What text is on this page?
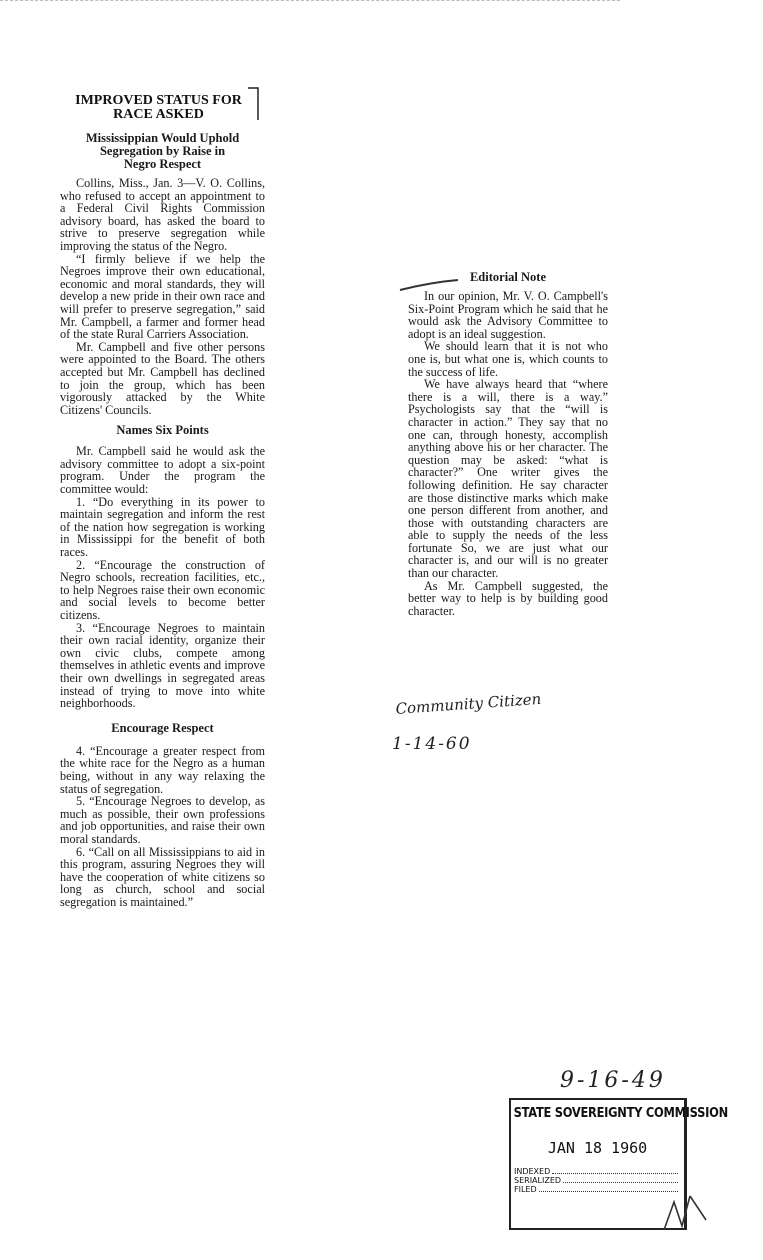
IMPROVED STATUS FOR
RACE ASKED
Mississippian Would Uphold
Segregation by Raise in
Negro Respect

Collins, Miss., Jan. 3—V. O. Collins, who refused to accept an appointment to a Federal Civil Rights Commission advisory board, has asked the board to strive to preserve segregation while improving the status of the Negro.

“I firmly believe if we help the Negroes improve their own educational, economic and moral standards, they will develop a new pride in their own race and will prefer to preserve segregation,” said Mr. Campbell, a farmer and former head of the state Rural Carriers Association.

Mr. Campbell and five other persons were appointed to the Board. The others accepted but Mr. Campbell has declined to join the group, which has been vigorously attacked by the White Citizens' Councils.

Names Six Points

Mr. Campbell said he would ask the advisory committee to adopt a six-point program. Under the program the committee would:

1. “Do everything in its power to maintain segregation and inform the rest of the nation how segregation is working in Mississippi for the benefit of both races.

2. “Encourage the construction of Negro schools, recreation facilities, etc., to help Negroes raise their own economic and social levels to become better citizens.

3. “Encourage Negroes to maintain their own racial identity, organize their own civic clubs, compete among themselves in athletic events and improve their own dwellings in segregated areas instead of trying to move into white neighborhoods.

Encourage Respect

4. “Encourage a greater respect from the white race for the Negro as a human being, without in any way relaxing the status of segregation.

5. “Encourage Negroes to develop, as much as possible, their own professions and job opportunities, and raise their own moral standards.

6. “Call on all Mississippians to aid in this program, assuring Negroes they will have the cooperation of white citizens so long as church, school and social segregation is maintained.”

Editorial Note

In our opinion, Mr. V. O. Campbell's Six-Point Program which he said that he would ask the Advisory Committee to adopt is an ideal suggestion.

We should learn that it is not who one is, but what one is, which counts to the success of life.

We have always heard that “where there is a will, there is a way.” Psychologists say that the “will is character in action.” They say that no one can, through honesty, accomplish anything above his or her character. The question may be asked: “what is character?” One writer gives the following definition. He say character are those distinctive marks which make one person different from another, and those with outstanding characters are able to supply the needs of the less fortunate So, we are just what our character is, and our will is no greater than our character.

As Mr. Campbell suggested, the better way to help is by building good character.

Community Citizen
1-14-60
9-16-49
STATE SOVEREIGNTY COMMISSION
JAN 18 1960
INDEXED
SERIALIZED
FILED
